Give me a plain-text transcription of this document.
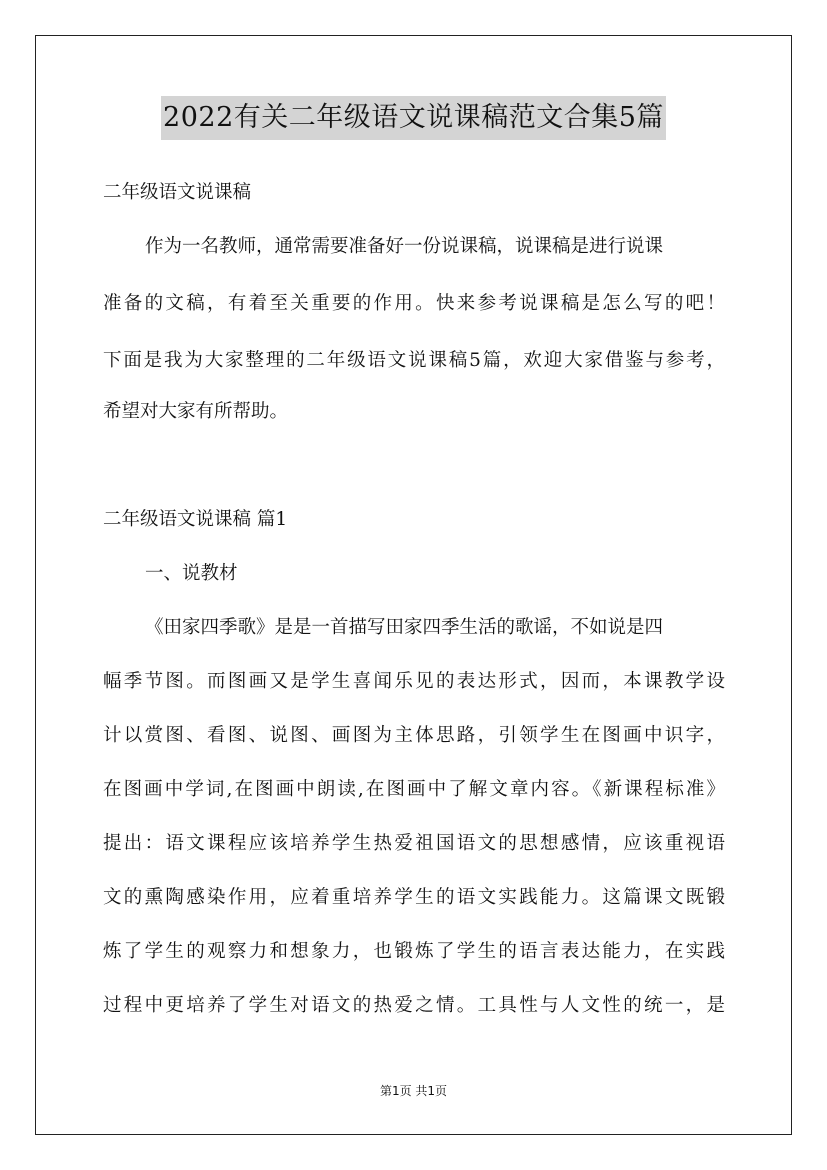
2022有关二年级语文说课稿范文合集5篇
二年级语文说课稿
作为一名教师，通常需要准备好一份说课稿，说课稿是进行说课
准备的文稿，有着至关重要的作用。快来参考说课稿是怎么写的吧！
下面是我为大家整理的二年级语文说课稿5篇，欢迎大家借鉴与参考，
希望对大家有所帮助。
二年级语文说课稿 篇1
一、说教材
《田家四季歌》是是一首描写田家四季生活的歌谣，不如说是四
幅季节图。而图画又是学生喜闻乐见的表达形式，因而，本课教学设
计以赏图、看图、说图、画图为主体思路，引领学生在图画中识字，
在图画中学词,在图画中朗读,在图画中了解文章内容。《新课程标准》
提出：语文课程应该培养学生热爱祖国语文的思想感情，应该重视语
文的熏陶感染作用，应着重培养学生的语文实践能力。这篇课文既锻
炼了学生的观察力和想象力，也锻炼了学生的语言表达能力，在实践
过程中更培养了学生对语文的热爱之情。工具性与人文性的统一，是
第1页 共1页
